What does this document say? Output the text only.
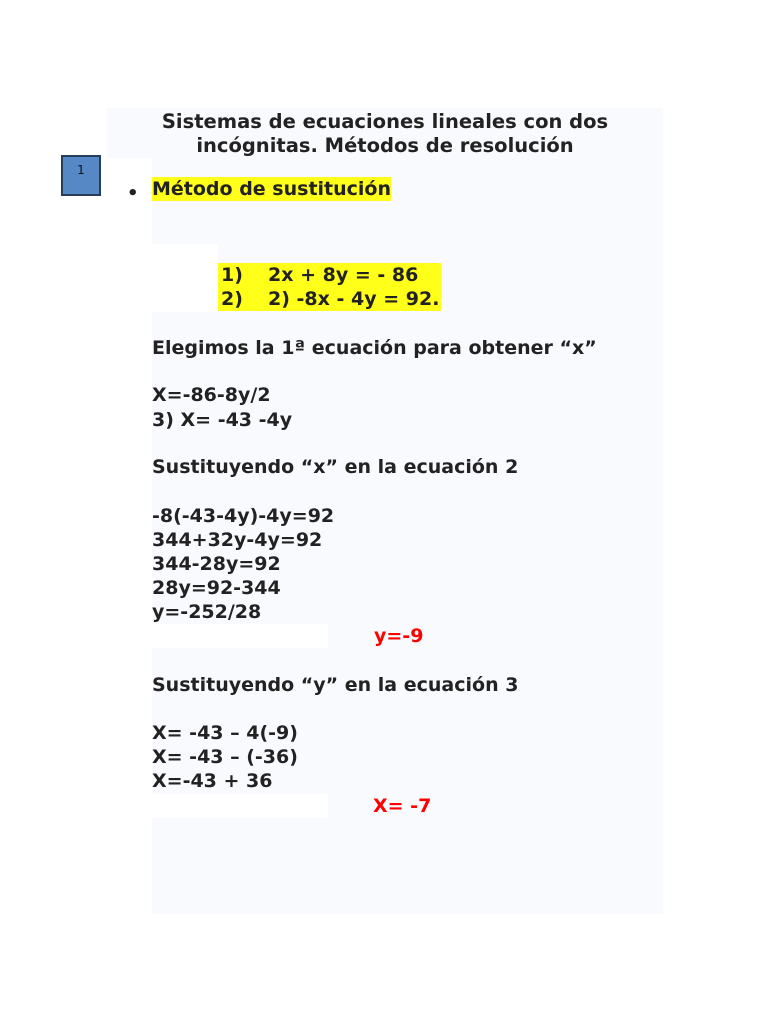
Sistemas de ecuaciones lineales con dos
incógnitas. Métodos de resolución
1
• Método de sustitución
1) 2x + 8y = - 86
2) 2) -8x - 4y = 92.
Elegimos la 1ª ecuación para obtener “x”
X=-86-8y/2
3) X= -43 -4y
Sustituyendo “x” en la ecuación 2
-8(-43-4y)-4y=92
344+32y-4y=92
344-28y=92
28y=92-344
y=-252/28
y=-9
Sustituyendo “y” en la ecuación 3
X= -43 – 4(-9)
X= -43 – (-36)
X=-43 + 36
X= -7
